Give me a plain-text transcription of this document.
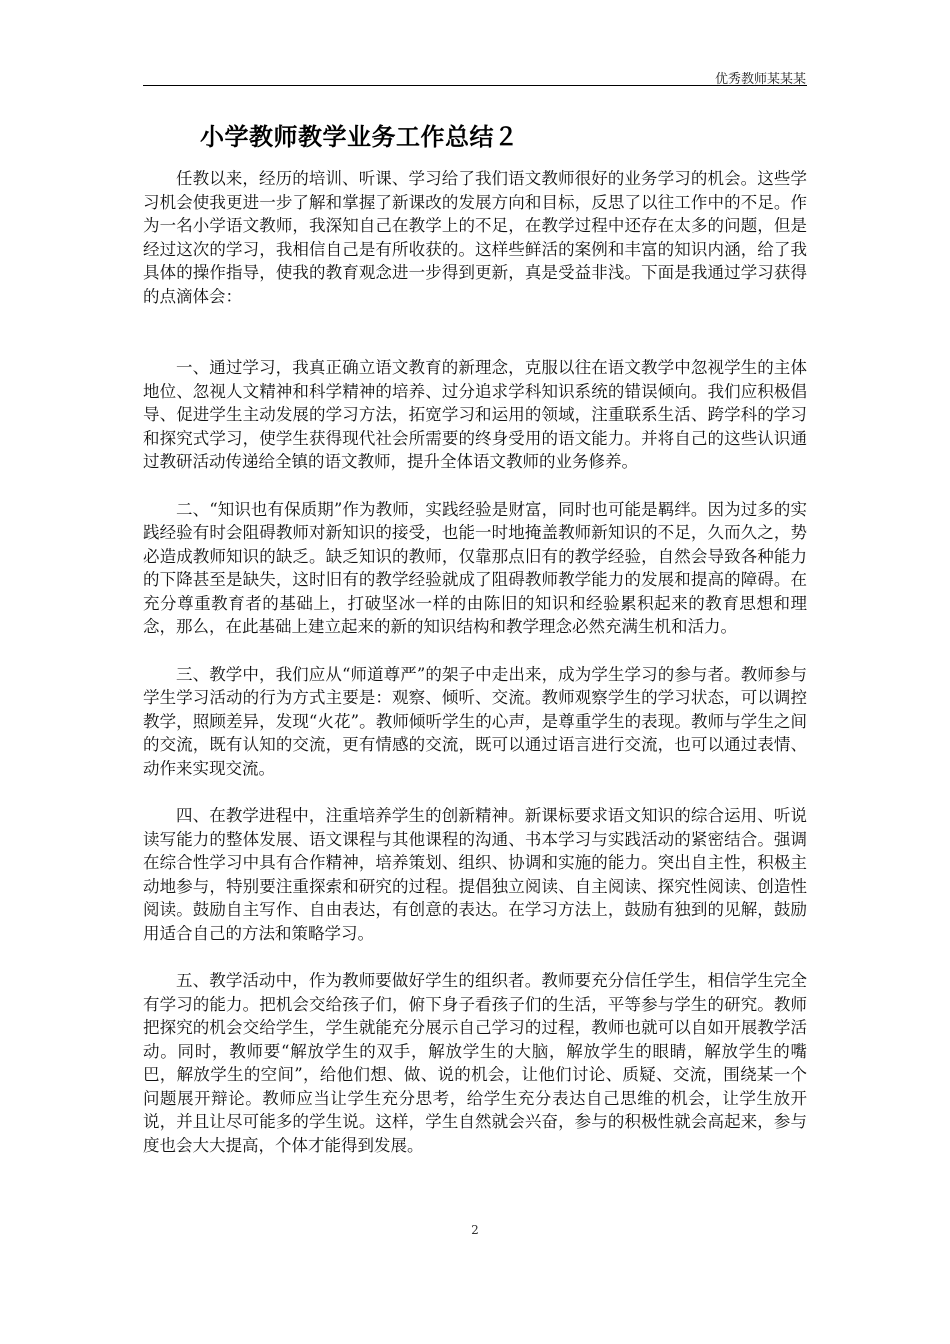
优秀教师某某某
小学教师教学业务工作总结２

任教以来，经历的培训、听课、学习给了我们语文教师很好的业务学习的机会。这些学习机会使我更进一步了解和掌握了新课改的发展方向和目标，反思了以往工作中的不足。作为一名小学语文教师，我深知自己在教学上的不足，在教学过程中还存在太多的问题，但是经过这次的学习，我相信自己是有所收获的。这样些鲜活的案例和丰富的知识内涵，给了我具体的操作指导，使我的教育观念进一步得到更新，真是受益非浅。下面是我通过学习获得的点滴体会：

一、通过学习，我真正确立语文教育的新理念，克服以往在语文教学中忽视学生的主体地位、忽视人文精神和科学精神的培养、过分追求学科知识系统的错误倾向。我们应积极倡导、促进学生主动发展的学习方法，拓宽学习和运用的领域，注重联系生活、跨学科的学习和探究式学习，使学生获得现代社会所需要的终身受用的语文能力。并将自己的这些认识通过教研活动传递给全镇的语文教师，提升全体语文教师的业务修养。

二、“知识也有保质期”作为教师，实践经验是财富，同时也可能是羁绊。因为过多的实践经验有时会阻碍教师对新知识的接受，也能一时地掩盖教师新知识的不足，久而久之，势必造成教师知识的缺乏。缺乏知识的教师，仅靠那点旧有的教学经验，自然会导致各种能力的下降甚至是缺失，这时旧有的教学经验就成了阻碍教师教学能力的发展和提高的障碍。在充分尊重教育者的基础上，打破坚冰一样的由陈旧的知识和经验累积起来的教育思想和理念，那么，在此基础上建立起来的新的知识结构和教学理念必然充满生机和活力。

三、教学中，我们应从“师道尊严”的架子中走出来，成为学生学习的参与者。教师参与学生学习活动的行为方式主要是：观察、倾听、交流。教师观察学生的学习状态，可以调控教学，照顾差异，发现“火花”。教师倾听学生的心声，是尊重学生的表现。教师与学生之间的交流，既有认知的交流，更有情感的交流，既可以通过语言进行交流，也可以通过表情、动作来实现交流。

四、在教学进程中，注重培养学生的创新精神。新课标要求语文知识的综合运用、听说读写能力的整体发展、语文课程与其他课程的沟通、书本学习与实践活动的紧密结合。强调在综合性学习中具有合作精神，培养策划、组织、协调和实施的能力。突出自主性，积极主动地参与，特别要注重探索和研究的过程。提倡独立阅读、自主阅读、探究性阅读、创造性阅读。鼓励自主写作、自由表达，有创意的表达。在学习方法上，鼓励有独到的见解，鼓励用适合自己的方法和策略学习。

五、教学活动中，作为教师要做好学生的组织者。教师要充分信任学生，相信学生完全有学习的能力。把机会交给孩子们，俯下身子看孩子们的生活，平等参与学生的研究。教师把探究的机会交给学生，学生就能充分展示自己学习的过程，教师也就可以自如开展教学活动。同时，教师要“解放学生的双手，解放学生的大脑，解放学生的眼睛，解放学生的嘴巴，解放学生的空间”，给他们想、做、说的机会，让他们讨论、质疑、交流，围绕某一个问题展开辩论。教师应当让学生充分思考，给学生充分表达自己思维的机会，让学生放开说，并且让尽可能多的学生说。这样，学生自然就会兴奋，参与的积极性就会高起来，参与度也会大大提高，个体才能得到发展。

2
